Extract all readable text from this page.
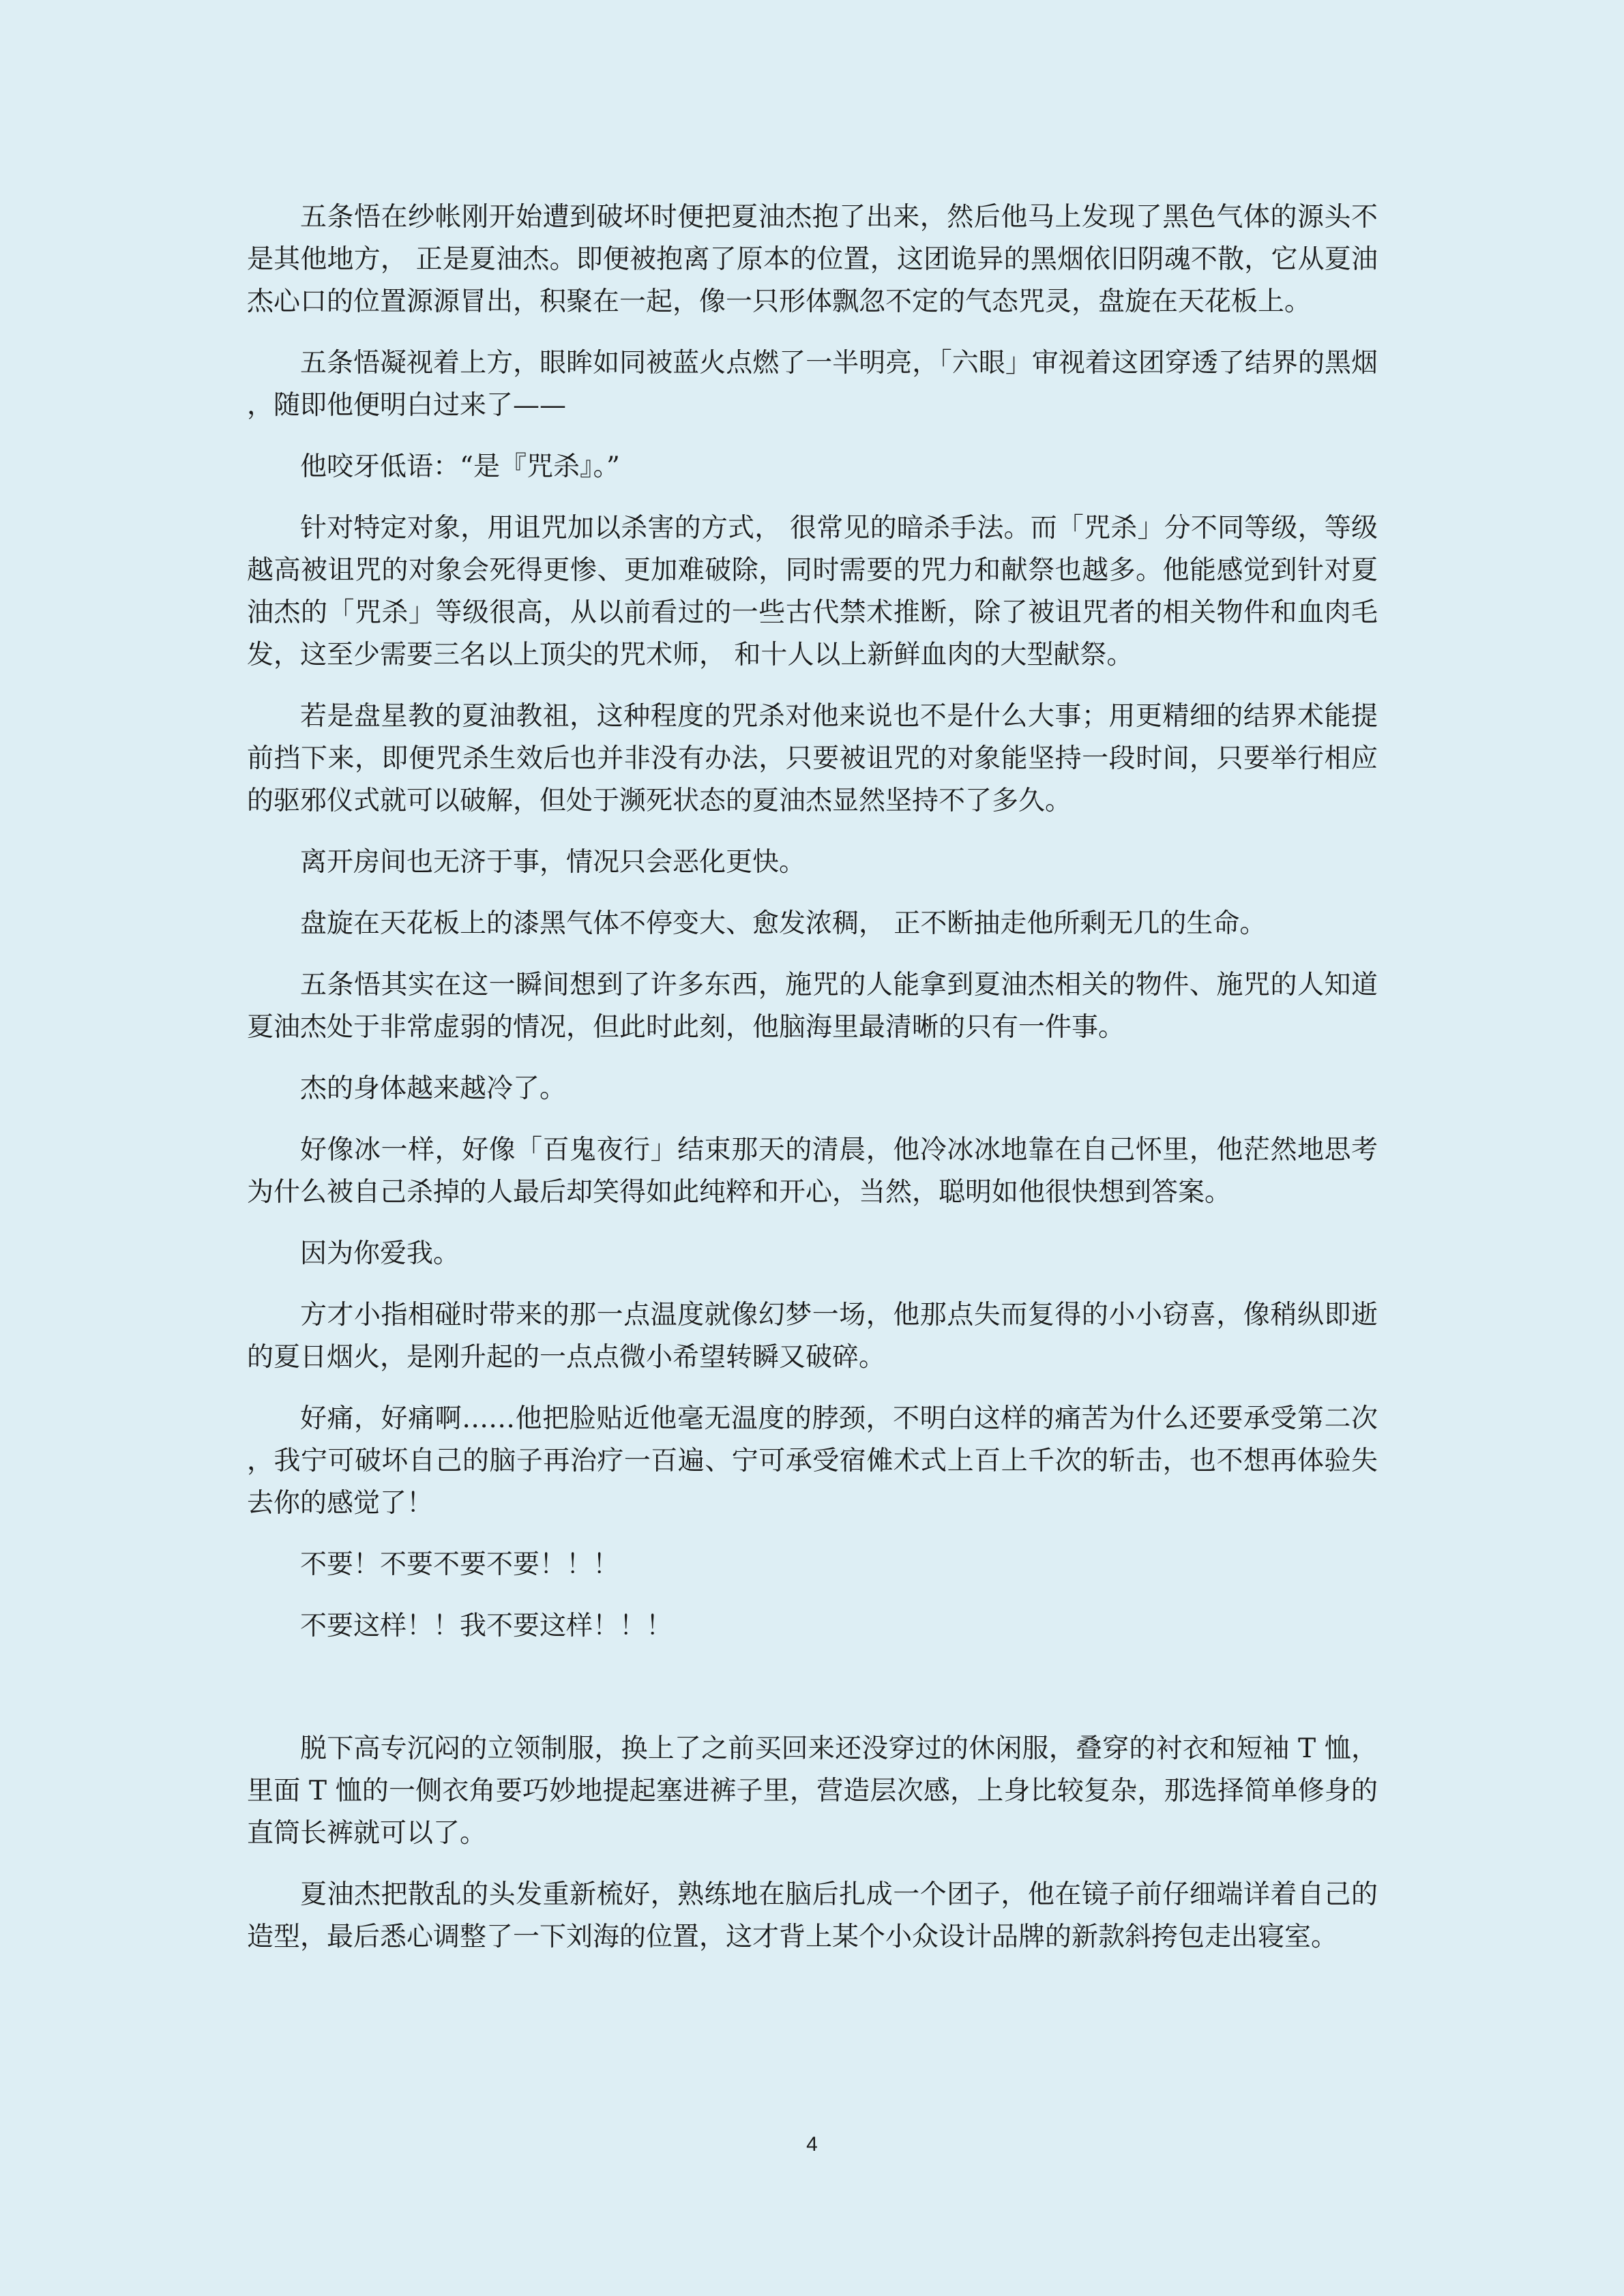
五条悟在纱帐刚开始遭到破坏时便把夏油杰抱了出来，然后他马上发现了黑色气体的源头不是其他地方， 正是夏油杰。即便被抱离了原本的位置，这团诡异的黑烟依旧阴魂不散，它从夏油杰心口的位置源源冒出，积聚在一起，像一只形体飘忽不定的气态咒灵，盘旋在天花板上。

五条悟凝视着上方，眼眸如同被蓝火点燃了一半明亮，「六眼」审视着这团穿透了结界的黑烟，随即他便明白过来了——

他咬牙低语：“是『咒杀』。”

针对特定对象，用诅咒加以杀害的方式， 很常见的暗杀手法。而「咒杀」分不同等级，等级越高被诅咒的对象会死得更惨、更加难破除，同时需要的咒力和献祭也越多。他能感觉到针对夏油杰的「咒杀」等级很高，从以前看过的一些古代禁术推断，除了被诅咒者的相关物件和血肉毛发，这至少需要三名以上顶尖的咒术师， 和十人以上新鲜血肉的大型献祭。

若是盘星教的夏油教祖，这种程度的咒杀对他来说也不是什么大事；用更精细的结界术能提前挡下来，即便咒杀生效后也并非没有办法，只要被诅咒的对象能坚持一段时间，只要举行相应的驱邪仪式就可以破解，但处于濒死状态的夏油杰显然坚持不了多久。

离开房间也无济于事，情况只会恶化更快。

盘旋在天花板上的漆黑气体不停变大、愈发浓稠， 正不断抽走他所剩无几的生命。

五条悟其实在这一瞬间想到了许多东西，施咒的人能拿到夏油杰相关的物件、施咒的人知道夏油杰处于非常虚弱的情况，但此时此刻，他脑海里最清晰的只有一件事。

杰的身体越来越冷了。

好像冰一样，好像「百鬼夜行」结束那天的清晨，他冷冰冰地靠在自己怀里，他茫然地思考为什么被自己杀掉的人最后却笑得如此纯粹和开心，当然，聪明如他很快想到答案。

因为你爱我。

方才小指相碰时带来的那一点温度就像幻梦一场，他那点失而复得的小小窃喜，像稍纵即逝的夏日烟火，是刚升起的一点点微小希望转瞬又破碎。

好痛，好痛啊……他把脸贴近他毫无温度的脖颈，不明白这样的痛苦为什么还要承受第二次，我宁可破坏自己的脑子再治疗一百遍、宁可承受宿傩术式上百上千次的斩击，也不想再体验失去你的感觉了！

不要！不要不要不要！！！

不要这样！！我不要这样！！！

脱下高专沉闷的立领制服，换上了之前买回来还没穿过的休闲服，叠穿的衬衣和短袖 T 恤，里面 T 恤的一侧衣角要巧妙地提起塞进裤子里，营造层次感，上身比较复杂，那选择简单修身的直筒长裤就可以了。

夏油杰把散乱的头发重新梳好，熟练地在脑后扎成一个团子，他在镜子前仔细端详着自己的造型，最后悉心调整了一下刘海的位置，这才背上某个小众设计品牌的新款斜挎包走出寝室。

4
